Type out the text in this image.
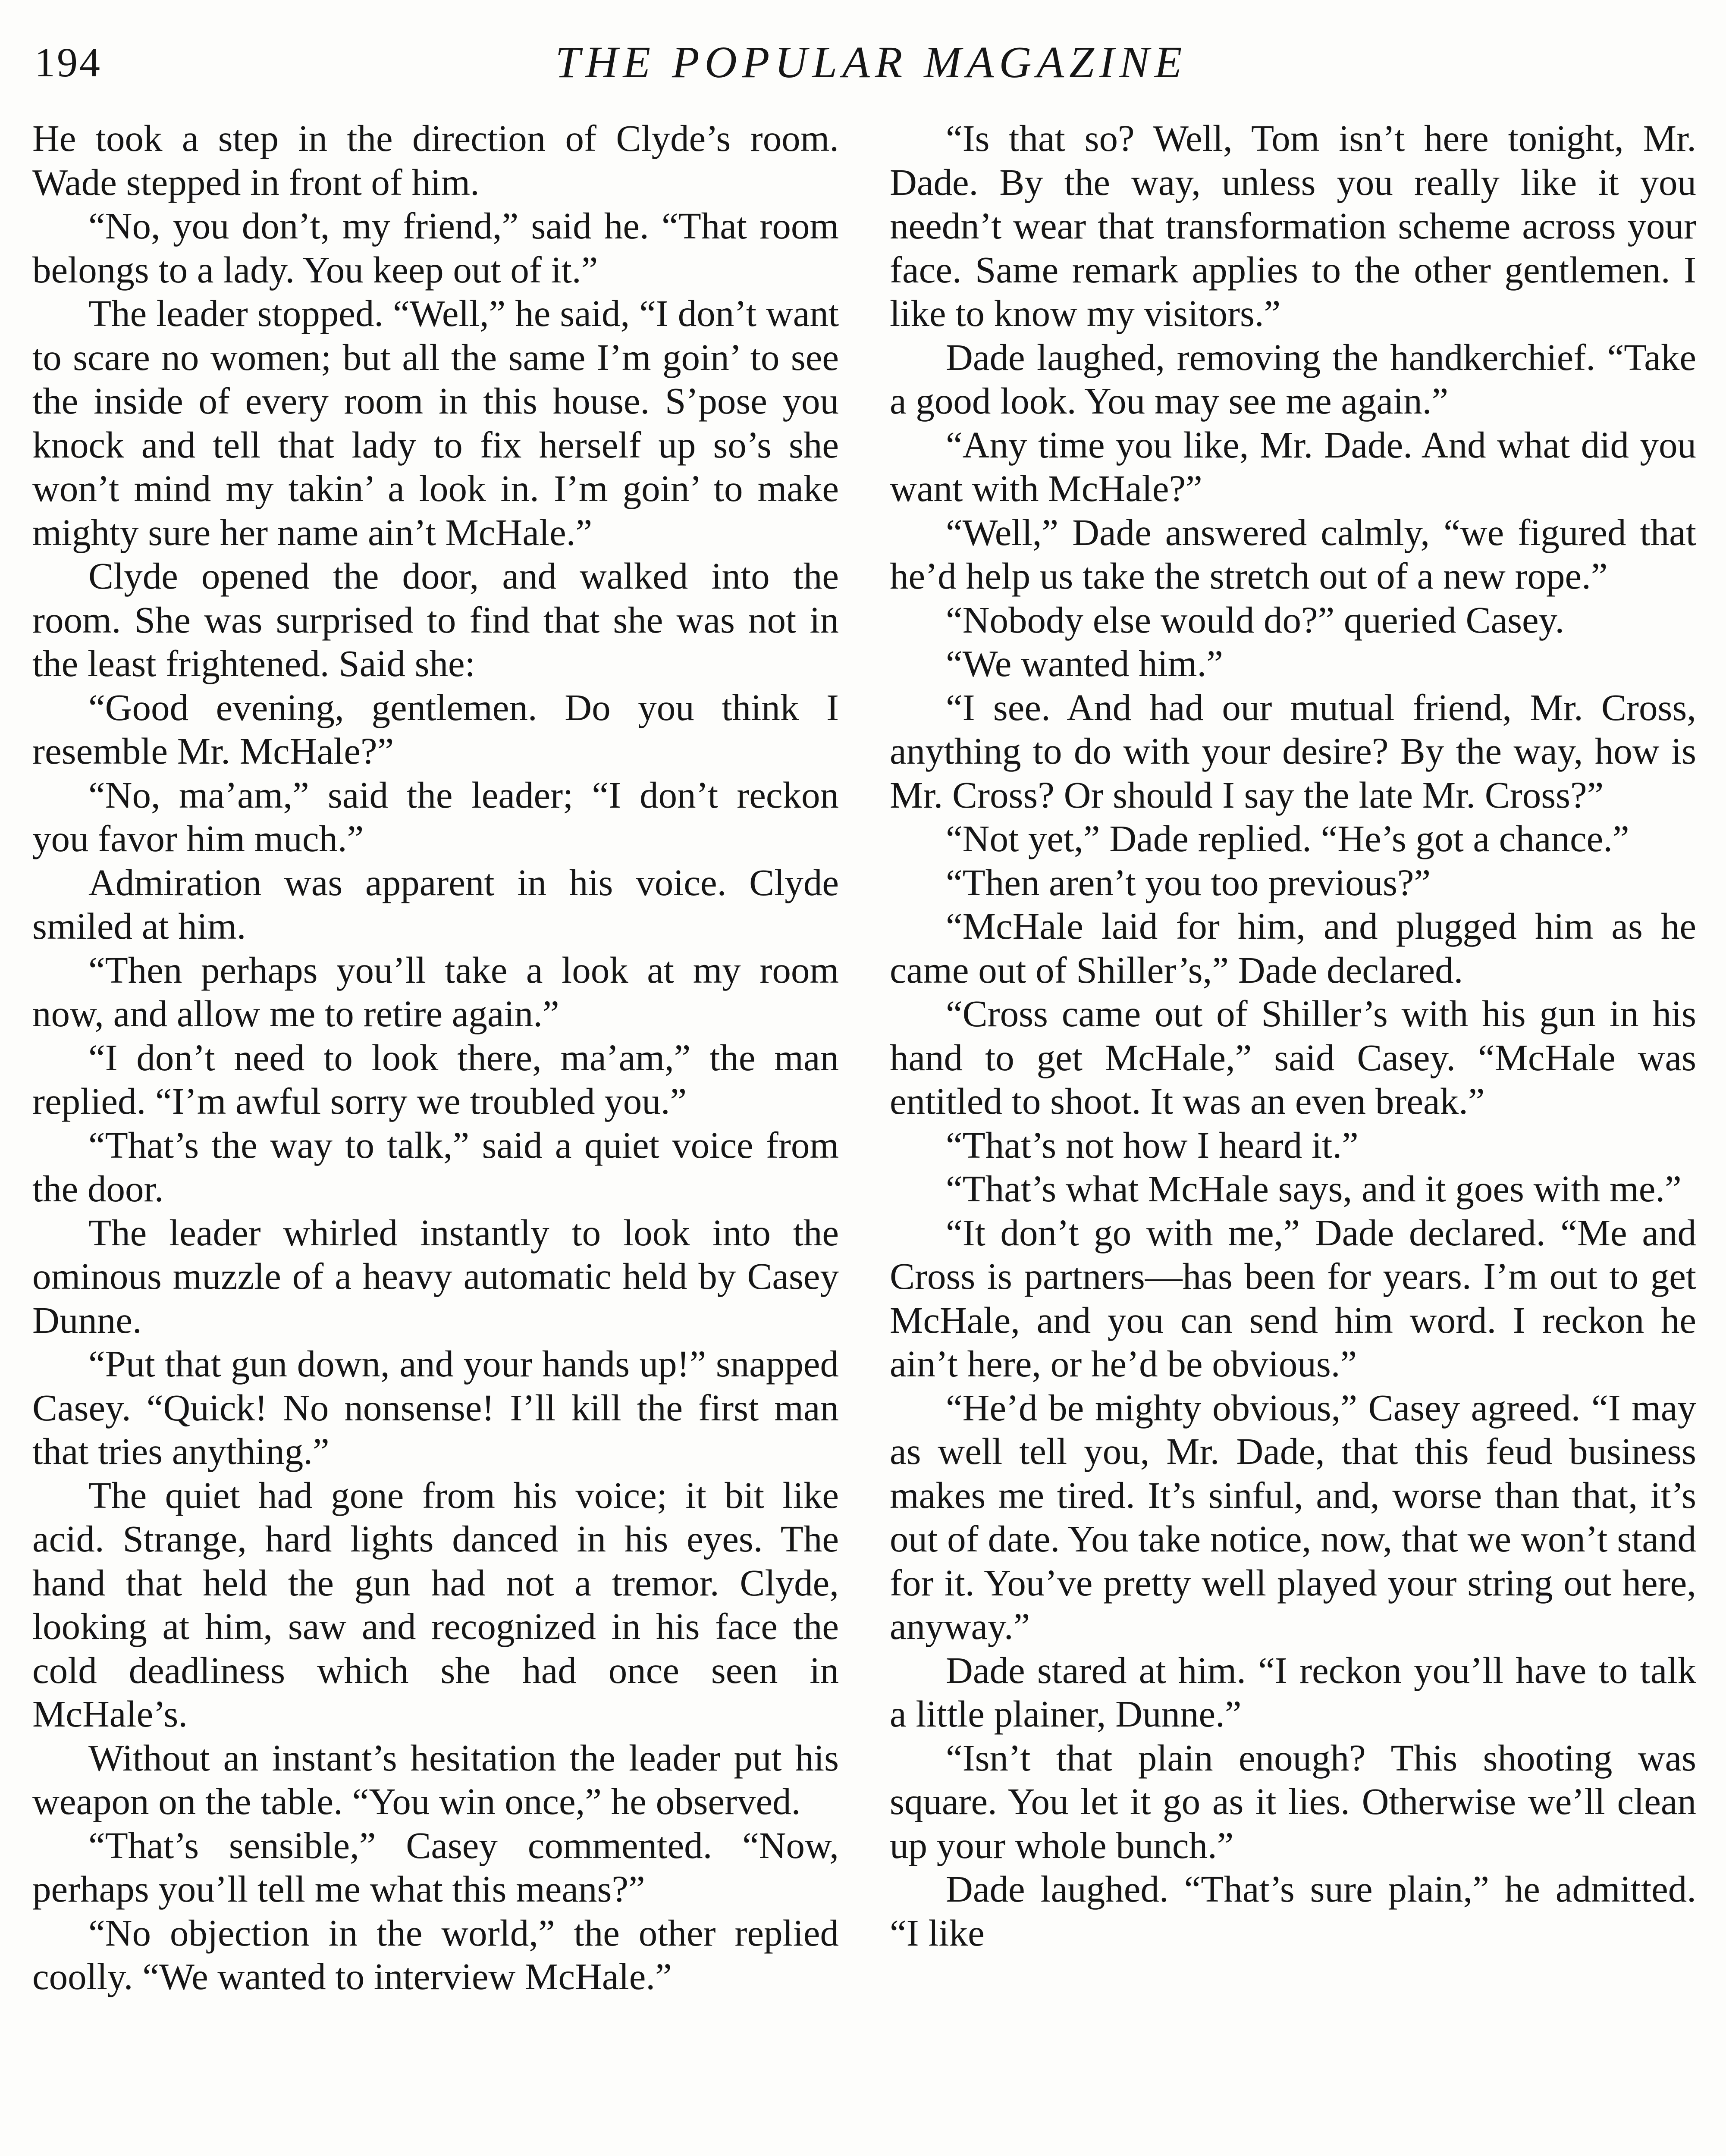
194	THE POPULAR MAGAZINE

He took a step in the direction of Clyde’s room. Wade stepped in front of him.

“No, you don’t, my friend,” said he. “That room belongs to a lady. You keep out of it.”

The leader stopped. “Well,” he said, “I don’t want to scare no women; but all the same I’m goin’ to see the inside of every room in this house. S’pose you knock and tell that lady to fix herself up so’s she won’t mind my takin’ a look in. I’m goin’ to make mighty sure her name ain’t McHale.”

Clyde opened the door, and walked into the room. She was surprised to find that she was not in the least frightened. Said she:

“Good evening, gentlemen. Do you think I resemble Mr. McHale?”

“No, ma’am,” said the leader; “I don’t reckon you favor him much.”

Admiration was apparent in his voice. Clyde smiled at him.

“Then perhaps you’ll take a look at my room now, and allow me to retire again.”

“I don’t need to look there, ma’am,” the man replied. “I’m awful sorry we troubled you.”

“That’s the way to talk,” said a quiet voice from the door.

The leader whirled instantly to look into the ominous muzzle of a heavy automatic held by Casey Dunne.

“Put that gun down, and your hands up!” snapped Casey. “Quick! No nonsense! I’ll kill the first man that tries anything.”

The quiet had gone from his voice; it bit like acid. Strange, hard lights danced in his eyes. The hand that held the gun had not a tremor. Clyde, looking at him, saw and recognized in his face the cold deadliness which she had once seen in McHale’s.

Without an instant’s hesitation the leader put his weapon on the table. “You win once,” he observed.

“That’s sensible,” Casey commented. “Now, perhaps you’ll tell me what this means?”

“No objection in the world,” the other replied coolly. “We wanted to interview McHale.”

“Is that so? Well, Tom isn’t here tonight, Mr. Dade. By the way, unless you really like it you needn’t wear that transformation scheme across your face. Same remark applies to the other gentlemen. I like to know my visitors.”

Dade laughed, removing the handkerchief. “Take a good look. You may see me again.”

“Any time you like, Mr. Dade. And what did you want with McHale?”

“Well,” Dade answered calmly, “we figured that he’d help us take the stretch out of a new rope.”

“Nobody else would do?” queried Casey.

“We wanted him.”

“I see. And had our mutual friend, Mr. Cross, anything to do with your desire? By the way, how is Mr. Cross? Or should I say the late Mr. Cross?”

“Not yet,” Dade replied. “He’s got a chance.”

“Then aren’t you too previous?”

“McHale laid for him, and plugged him as he came out of Shiller’s,” Dade declared.

“Cross came out of Shiller’s with his gun in his hand to get McHale,” said Casey. “McHale was entitled to shoot. It was an even break.”

“That’s not how I heard it.”

“That’s what McHale says, and it goes with me.”

“It don’t go with me,” Dade declared. “Me and Cross is partners—has been for years. I’m out to get McHale, and you can send him word. I reckon he ain’t here, or he’d be obvious.”

“He’d be mighty obvious,” Casey agreed. “I may as well tell you, Mr. Dade, that this feud business makes me tired. It’s sinful, and, worse than that, it’s out of date. You take notice, now, that we won’t stand for it. You’ve pretty well played your string out here, anyway.”

Dade stared at him. “I reckon you’ll have to talk a little plainer, Dunne.”

“Isn’t that plain enough? This shooting was square. You let it go as it lies. Otherwise we’ll clean up your whole bunch.”

Dade laughed. “That’s sure plain,” he admitted. “I like
